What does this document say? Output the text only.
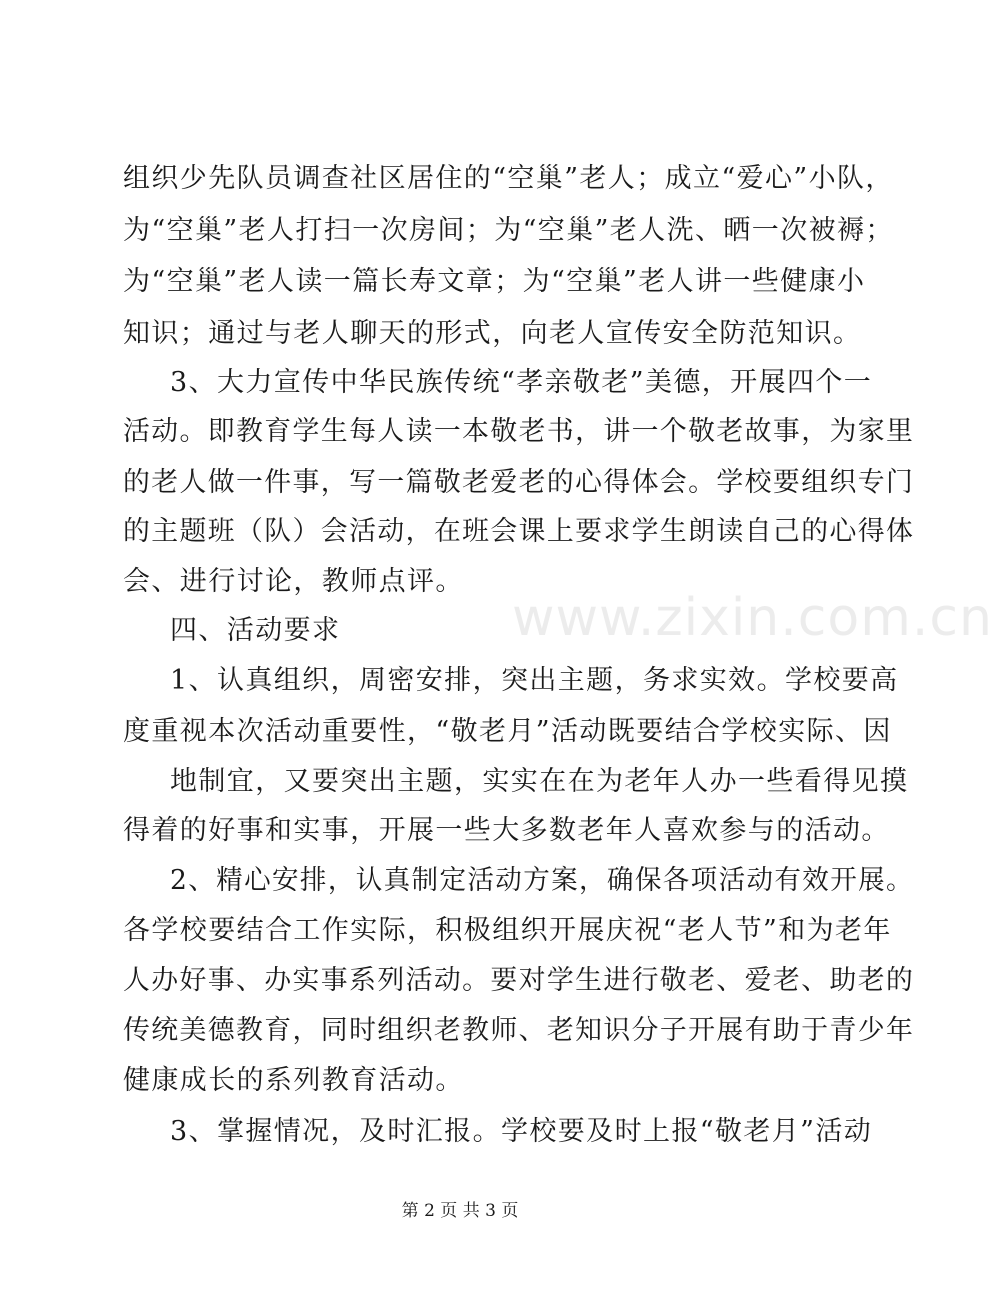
组织少先队员调查社区居住的“空巢”老人；成立“爱心”小队，
为“空巢”老人打扫一次房间；为“空巢”老人洗、晒一次被褥；
为“空巢”老人读一篇长寿文章；为“空巢”老人讲一些健康小
知识；通过与老人聊天的形式，向老人宣传安全防范知识。
3、大力宣传中华民族传统“孝亲敬老”美德，开展四个一
活动。即教育学生每人读一本敬老书，讲一个敬老故事，为家里
的老人做一件事，写一篇敬老爱老的心得体会。学校要组织专门
的主题班（队）会活动，在班会课上要求学生朗读自己的心得体
会、进行讨论，教师点评。
四、活动要求	www.zixin.com.cn
1、认真组织，周密安排，突出主题，务求实效。学校要高
度重视本次活动重要性，“敬老月”活动既要结合学校实际、因
地制宜，又要突出主题，实实在在为老年人办一些看得见摸
得着的好事和实事，开展一些大多数老年人喜欢参与的活动。
2、精心安排，认真制定活动方案，确保各项活动有效开展。
各学校要结合工作实际，积极组织开展庆祝“老人节”和为老年
人办好事、办实事系列活动。要对学生进行敬老、爱老、助老的
传统美德教育，同时组织老教师、老知识分子开展有助于青少年
健康成长的系列教育活动。
3、掌握情况，及时汇报。学校要及时上报“敬老月”活动
第 2 页 共 3 页
